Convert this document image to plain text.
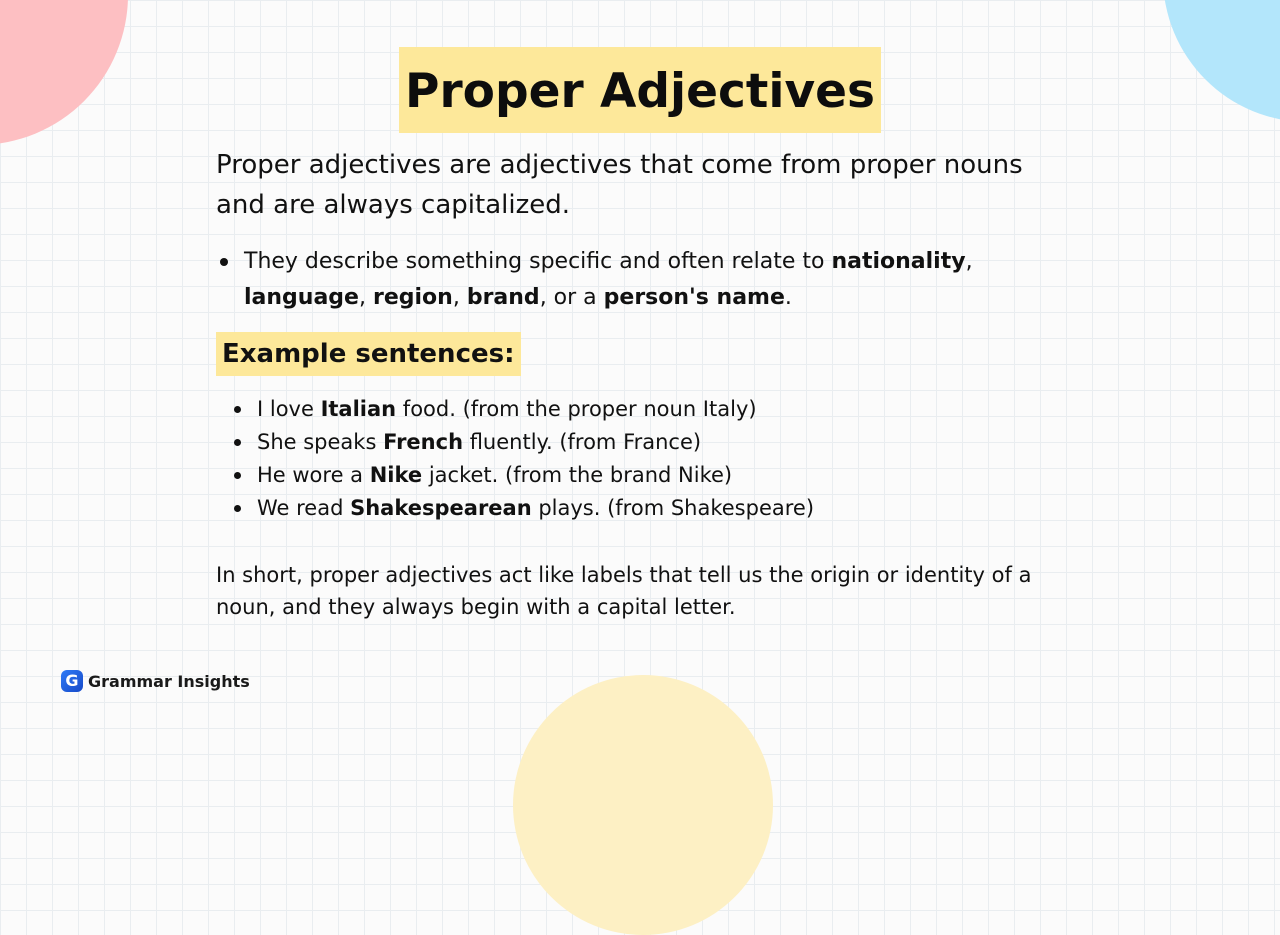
Proper Adjectives

Proper adjectives are adjectives that come from proper nouns and are always capitalized.

They describe something specific and often relate to nationality, language, region, brand, or a person's name.
Example sentences:
I love Italian food. (from the proper noun Italy)
She speaks French fluently. (from France)
He wore a Nike jacket. (from the brand Nike)
We read Shakespearean plays. (from Shakespeare)

In short, proper adjectives act like labels that tell us the origin or identity of a noun, and they always begin with a capital letter.

G Grammar Insights
